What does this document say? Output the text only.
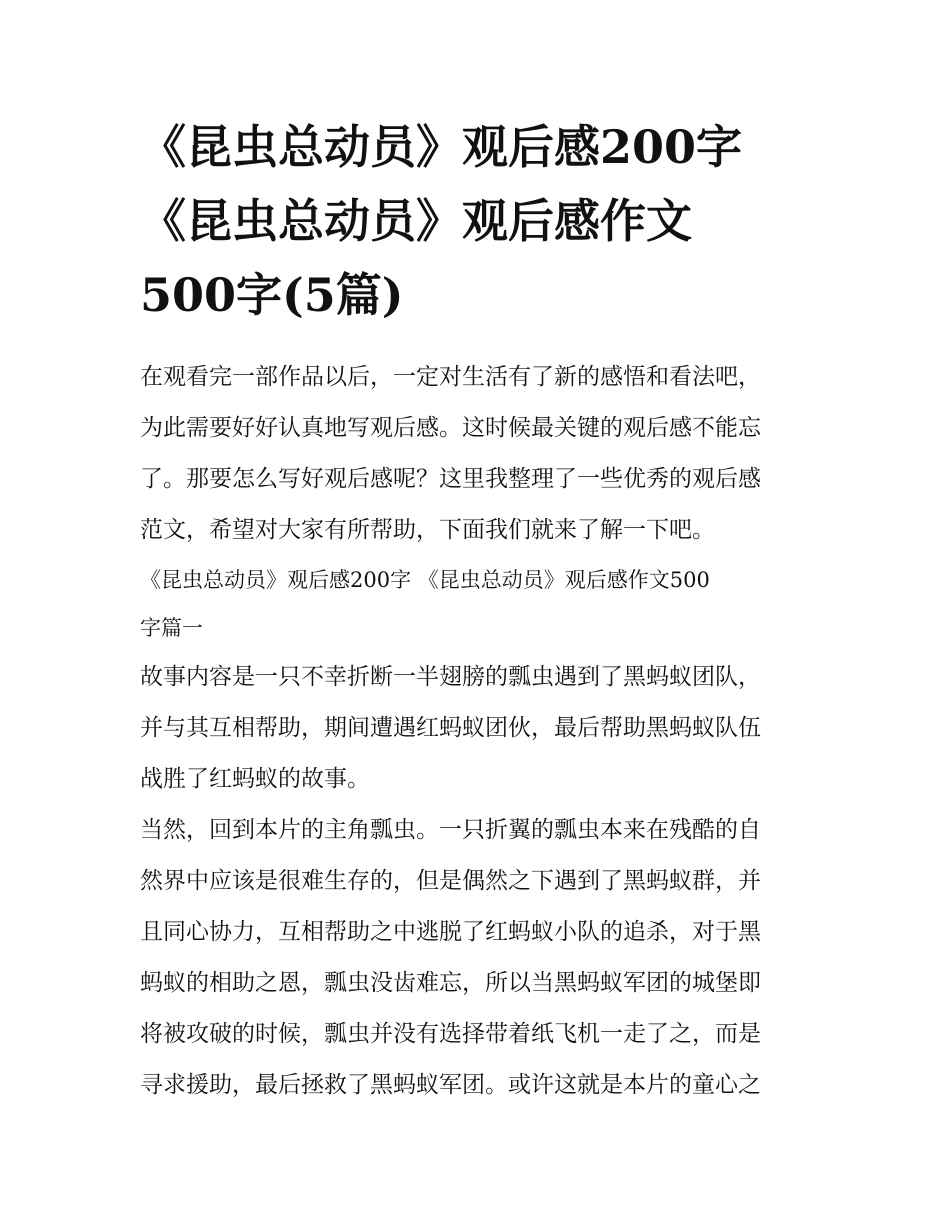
《昆虫总动员》观后感200字
《昆虫总动员》观后感作文
500字(5篇)
在观看完一部作品以后，一定对生活有了新的感悟和看法吧，
为此需要好好认真地写观后感。这时候最关键的观后感不能忘
了。那要怎么写好观后感呢？这里我整理了一些优秀的观后感
范文，希望对大家有所帮助，下面我们就来了解一下吧。
《昆虫总动员》观后感200字 《昆虫总动员》观后感作文500
字篇一
故事内容是一只不幸折断一半翅膀的瓢虫遇到了黑蚂蚁团队，
并与其互相帮助，期间遭遇红蚂蚁团伙，最后帮助黑蚂蚁队伍
战胜了红蚂蚁的故事。
当然，回到本片的主角瓢虫。一只折翼的瓢虫本来在残酷的自
然界中应该是很难生存的，但是偶然之下遇到了黑蚂蚁群，并
且同心协力，互相帮助之中逃脱了红蚂蚁小队的追杀，对于黑
蚂蚁的相助之恩，瓢虫没齿难忘，所以当黑蚂蚁军团的城堡即
将被攻破的时候，瓢虫并没有选择带着纸飞机一走了之，而是
寻求援助，最后拯救了黑蚂蚁军团。或许这就是本片的童心之
